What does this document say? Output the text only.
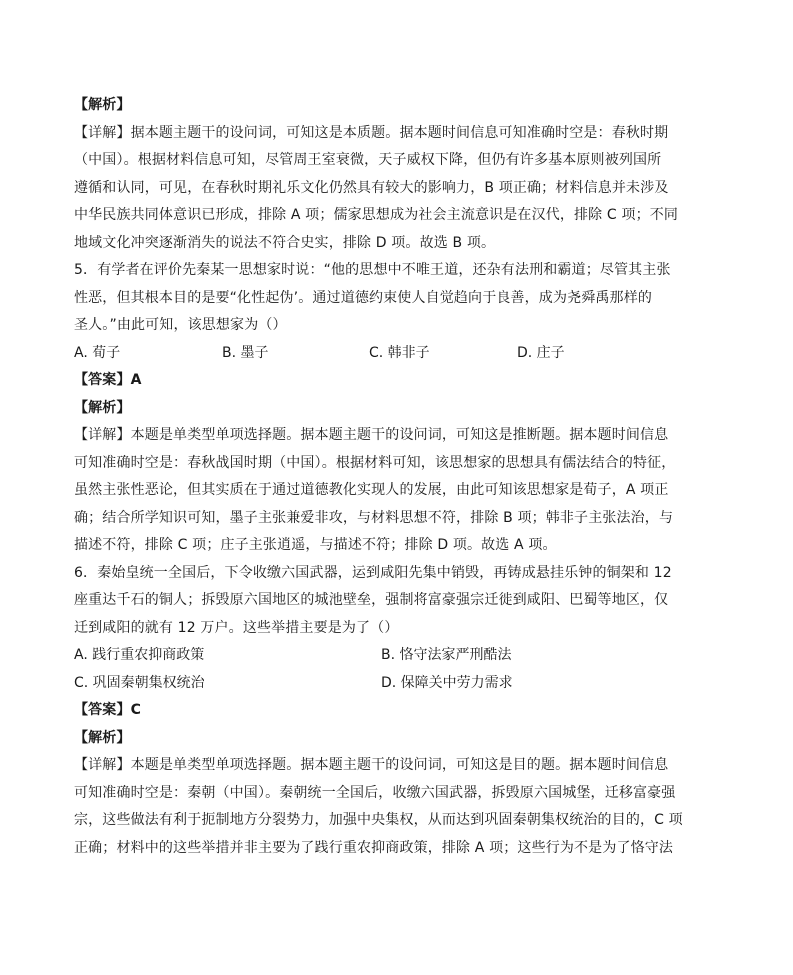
【解析】

【详解】据本题主题干的设问词，可知这是本质题。据本题时间信息可知准确时空是：春秋时期

（中国）。根据材料信息可知，尽管周王室衰微，天子威权下降，但仍有许多基本原则被列国所

遵循和认同，可见，在春秋时期礼乐文化仍然具有较大的影响力，B 项正确；材料信息并未涉及

中华民族共同体意识已形成，排除 A 项；儒家思想成为社会主流意识是在汉代，排除 C 项；不同

地域文化冲突逐渐消失的说法不符合史实，排除 D 项。故选 B 项。

5．有学者在评价先秦某一思想家时说：“他的思想中不唯王道，还杂有法刑和霸道；尽管其主张

性恶，但其根本目的是要“化性起伪’。通过道德约束使人自觉趋向于良善，成为尧舜禹那样的

圣人。”由此可知，该思想家为（）

A. 荀子	B. 墨子	C. 韩非子	D. 庄子

【答案】A

【解析】

【详解】本题是单类型单项选择题。据本题主题干的设问词，可知这是推断题。据本题时间信息

可知准确时空是：春秋战国时期（中国）。根据材料可知，该思想家的思想具有儒法结合的特征，

虽然主张性恶论，但其实质在于通过道德教化实现人的发展，由此可知该思想家是荀子，A 项正

确；结合所学知识可知，墨子主张兼爱非攻，与材料思想不符，排除 B 项；韩非子主张法治，与

描述不符，排除 C 项；庄子主张逍遥，与描述不符；排除 D 项。故选 A 项。

6．秦始皇统一全国后，下令收缴六国武器，运到咸阳先集中销毁，再铸成悬挂乐钟的铜架和 12

座重达千石的铜人；拆毁原六国地区的城池壁垒，强制将富豪强宗迁徙到咸阳、巴蜀等地区，仅

迁到咸阳的就有 12 万户。这些举措主要是为了（）

A. 践行重农抑商政策	B. 恪守法家严刑酷法
C. 巩固秦朝集权统治	D. 保障关中劳力需求

【答案】C

【解析】

【详解】本题是单类型单项选择题。据本题主题干的设问词，可知这是目的题。据本题时间信息

可知准确时空是：秦朝（中国）。秦朝统一全国后，收缴六国武器，拆毁原六国城堡，迁移富豪强

宗，这些做法有利于扼制地方分裂势力，加强中央集权，从而达到巩固秦朝集权统治的目的，C 项

正确；材料中的这些举措并非主要为了践行重农抑商政策，排除 A 项；这些行为不是为了恪守法
